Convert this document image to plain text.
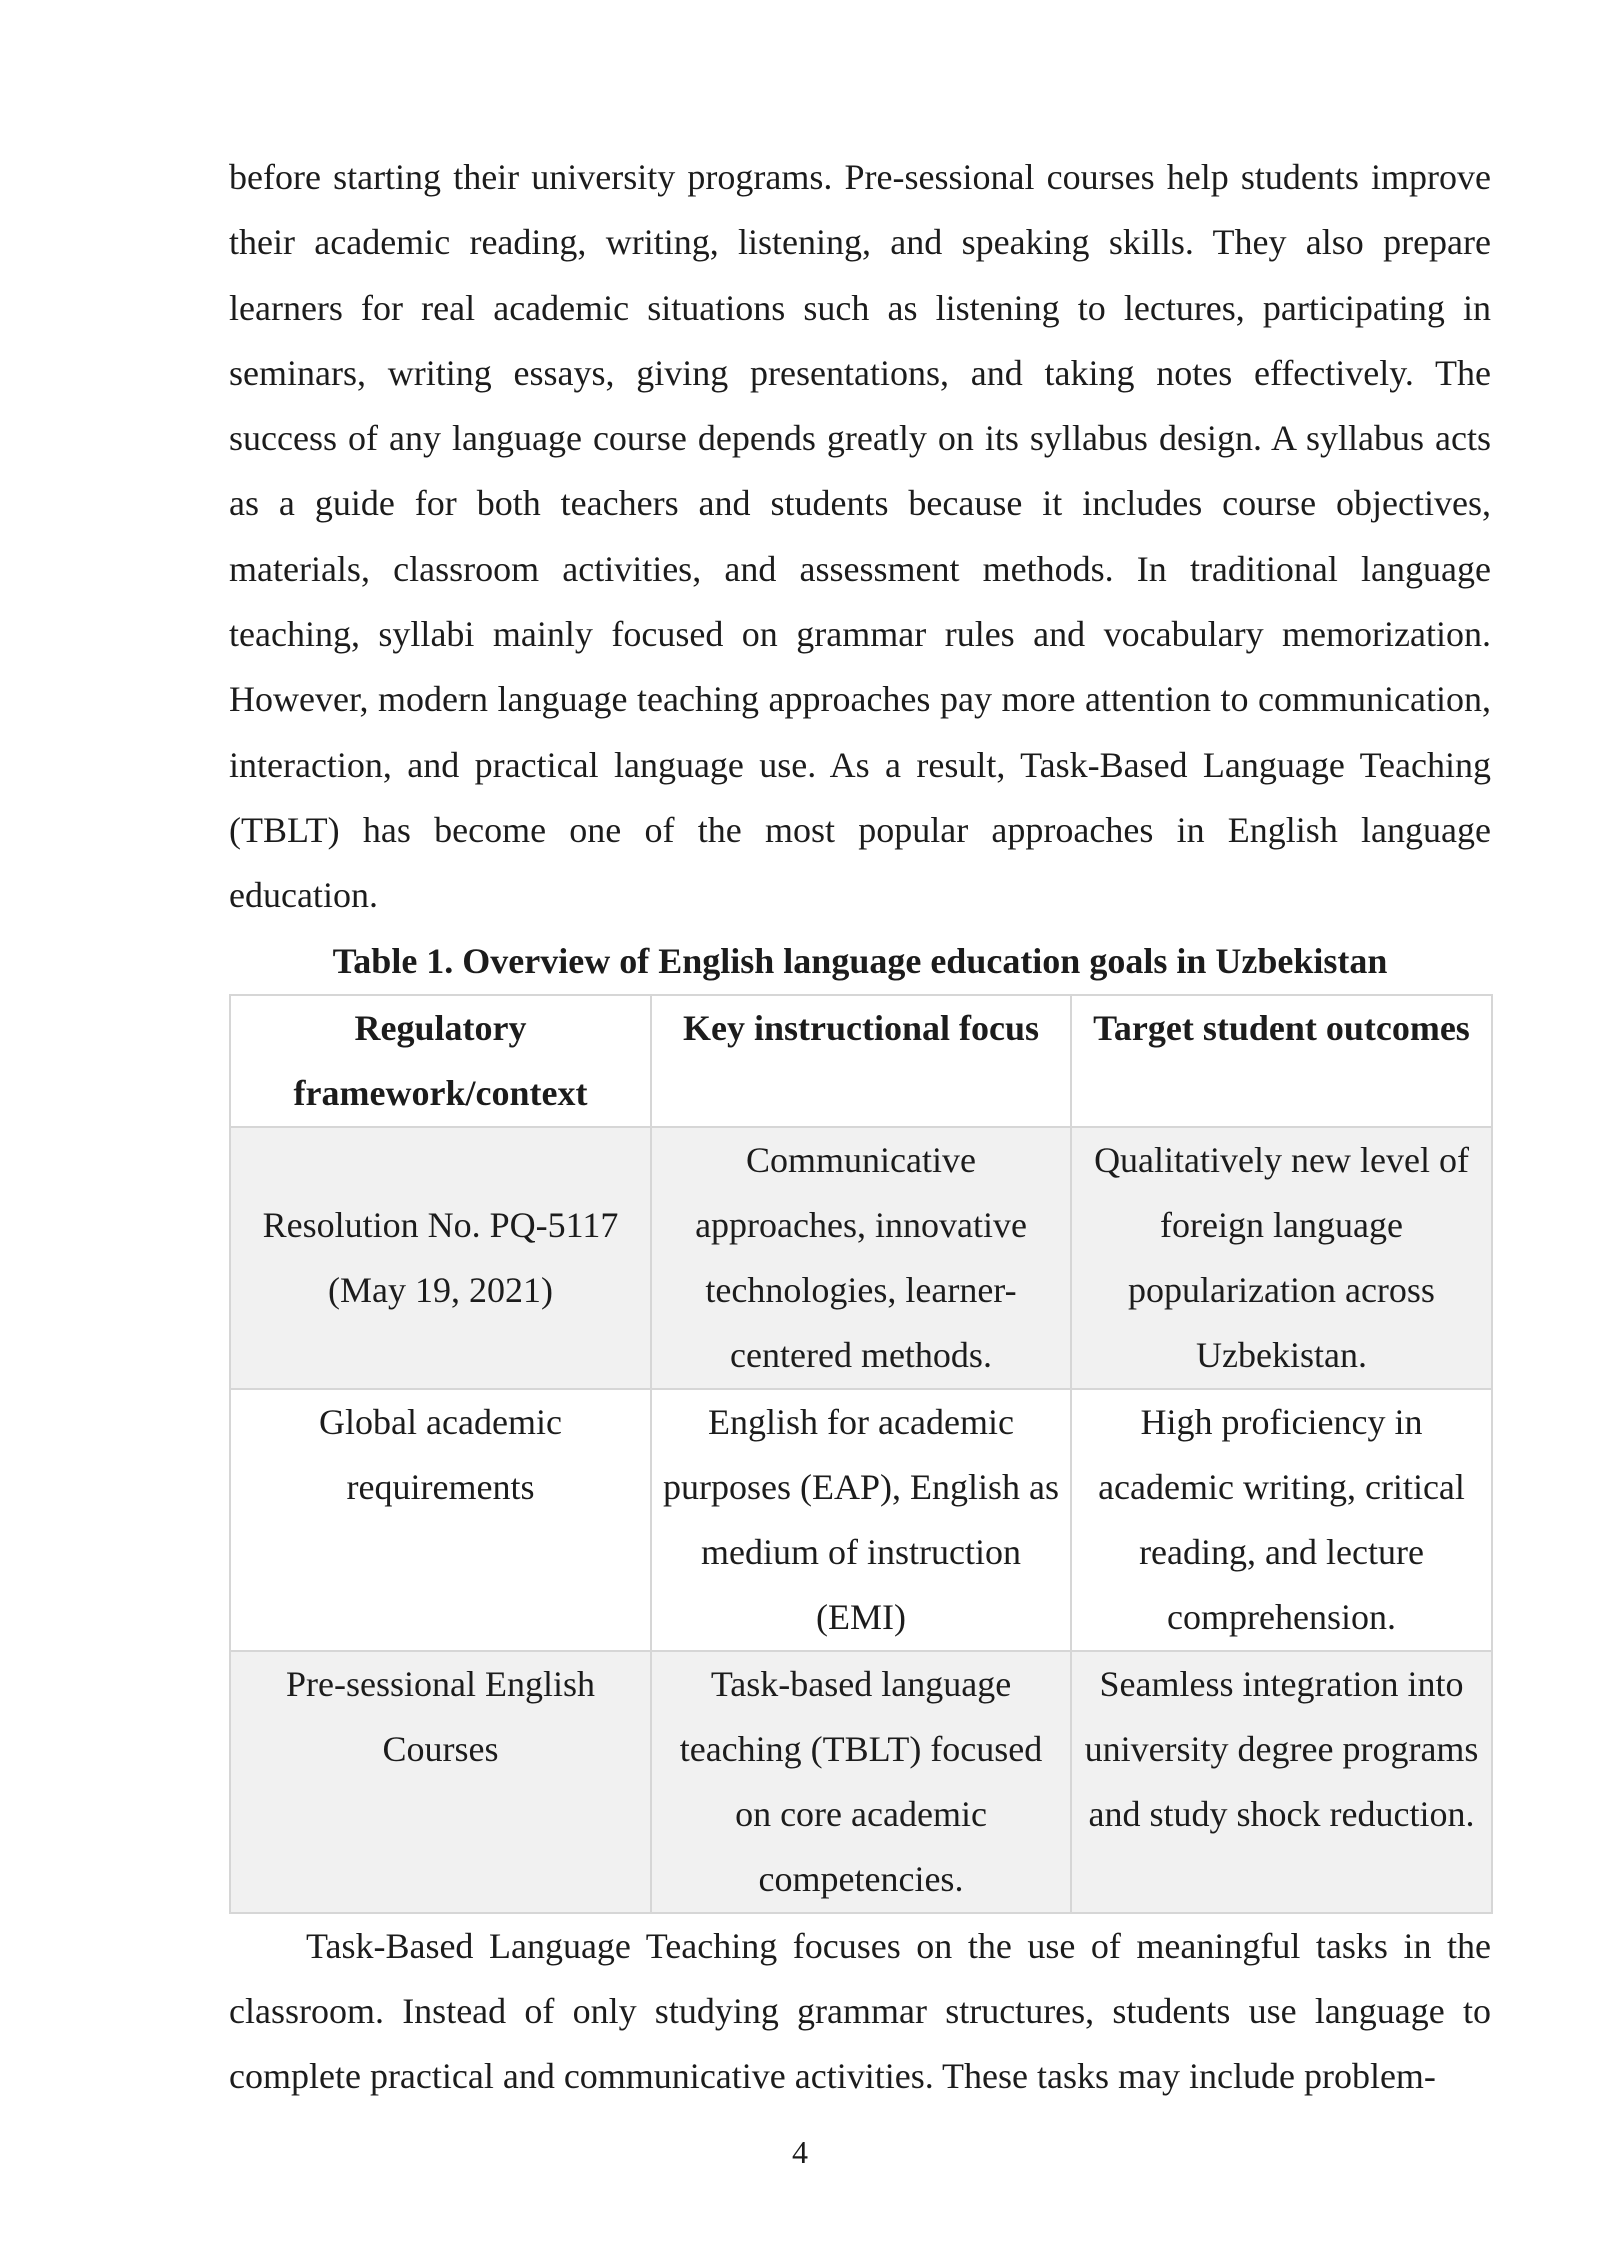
before starting their university programs. Pre-sessional courses help students improve their academic reading, writing, listening, and speaking skills. They also prepare learners for real academic situations such as listening to lectures, participating in seminars, writing essays, giving presentations, and taking notes effectively. The success of any language course depends greatly on its syllabus design. A syllabus acts as a guide for both teachers and students because it includes course objectives, materials, classroom activities, and assessment methods. In traditional language teaching, syllabi mainly focused on grammar rules and vocabulary memorization. However, modern language teaching approaches pay more attention to communication, interaction, and practical language use. As a result, Task-Based Language Teaching (TBLT) has become one of the most popular approaches in English language education.

Table 1. Overview of English language education goals in Uzbekistan

Regulatory framework/context	Key instructional focus	Target student outcomes
Resolution No. PQ-5117 (May 19, 2021)	Communicative approaches, innovative technologies, learner-centered methods.	Qualitatively new level of foreign language popularization across Uzbekistan.
Global academic requirements	English for academic purposes (EAP), English as medium of instruction (EMI)	High proficiency in academic writing, critical reading, and lecture comprehension.
Pre-sessional English Courses	Task-based language teaching (TBLT) focused on core academic competencies.	Seamless integration into university degree programs and study shock reduction.

Task-Based Language Teaching focuses on the use of meaningful tasks in the classroom. Instead of only studying grammar structures, students use language to complete practical and communicative activities. These tasks may include problem-

4
